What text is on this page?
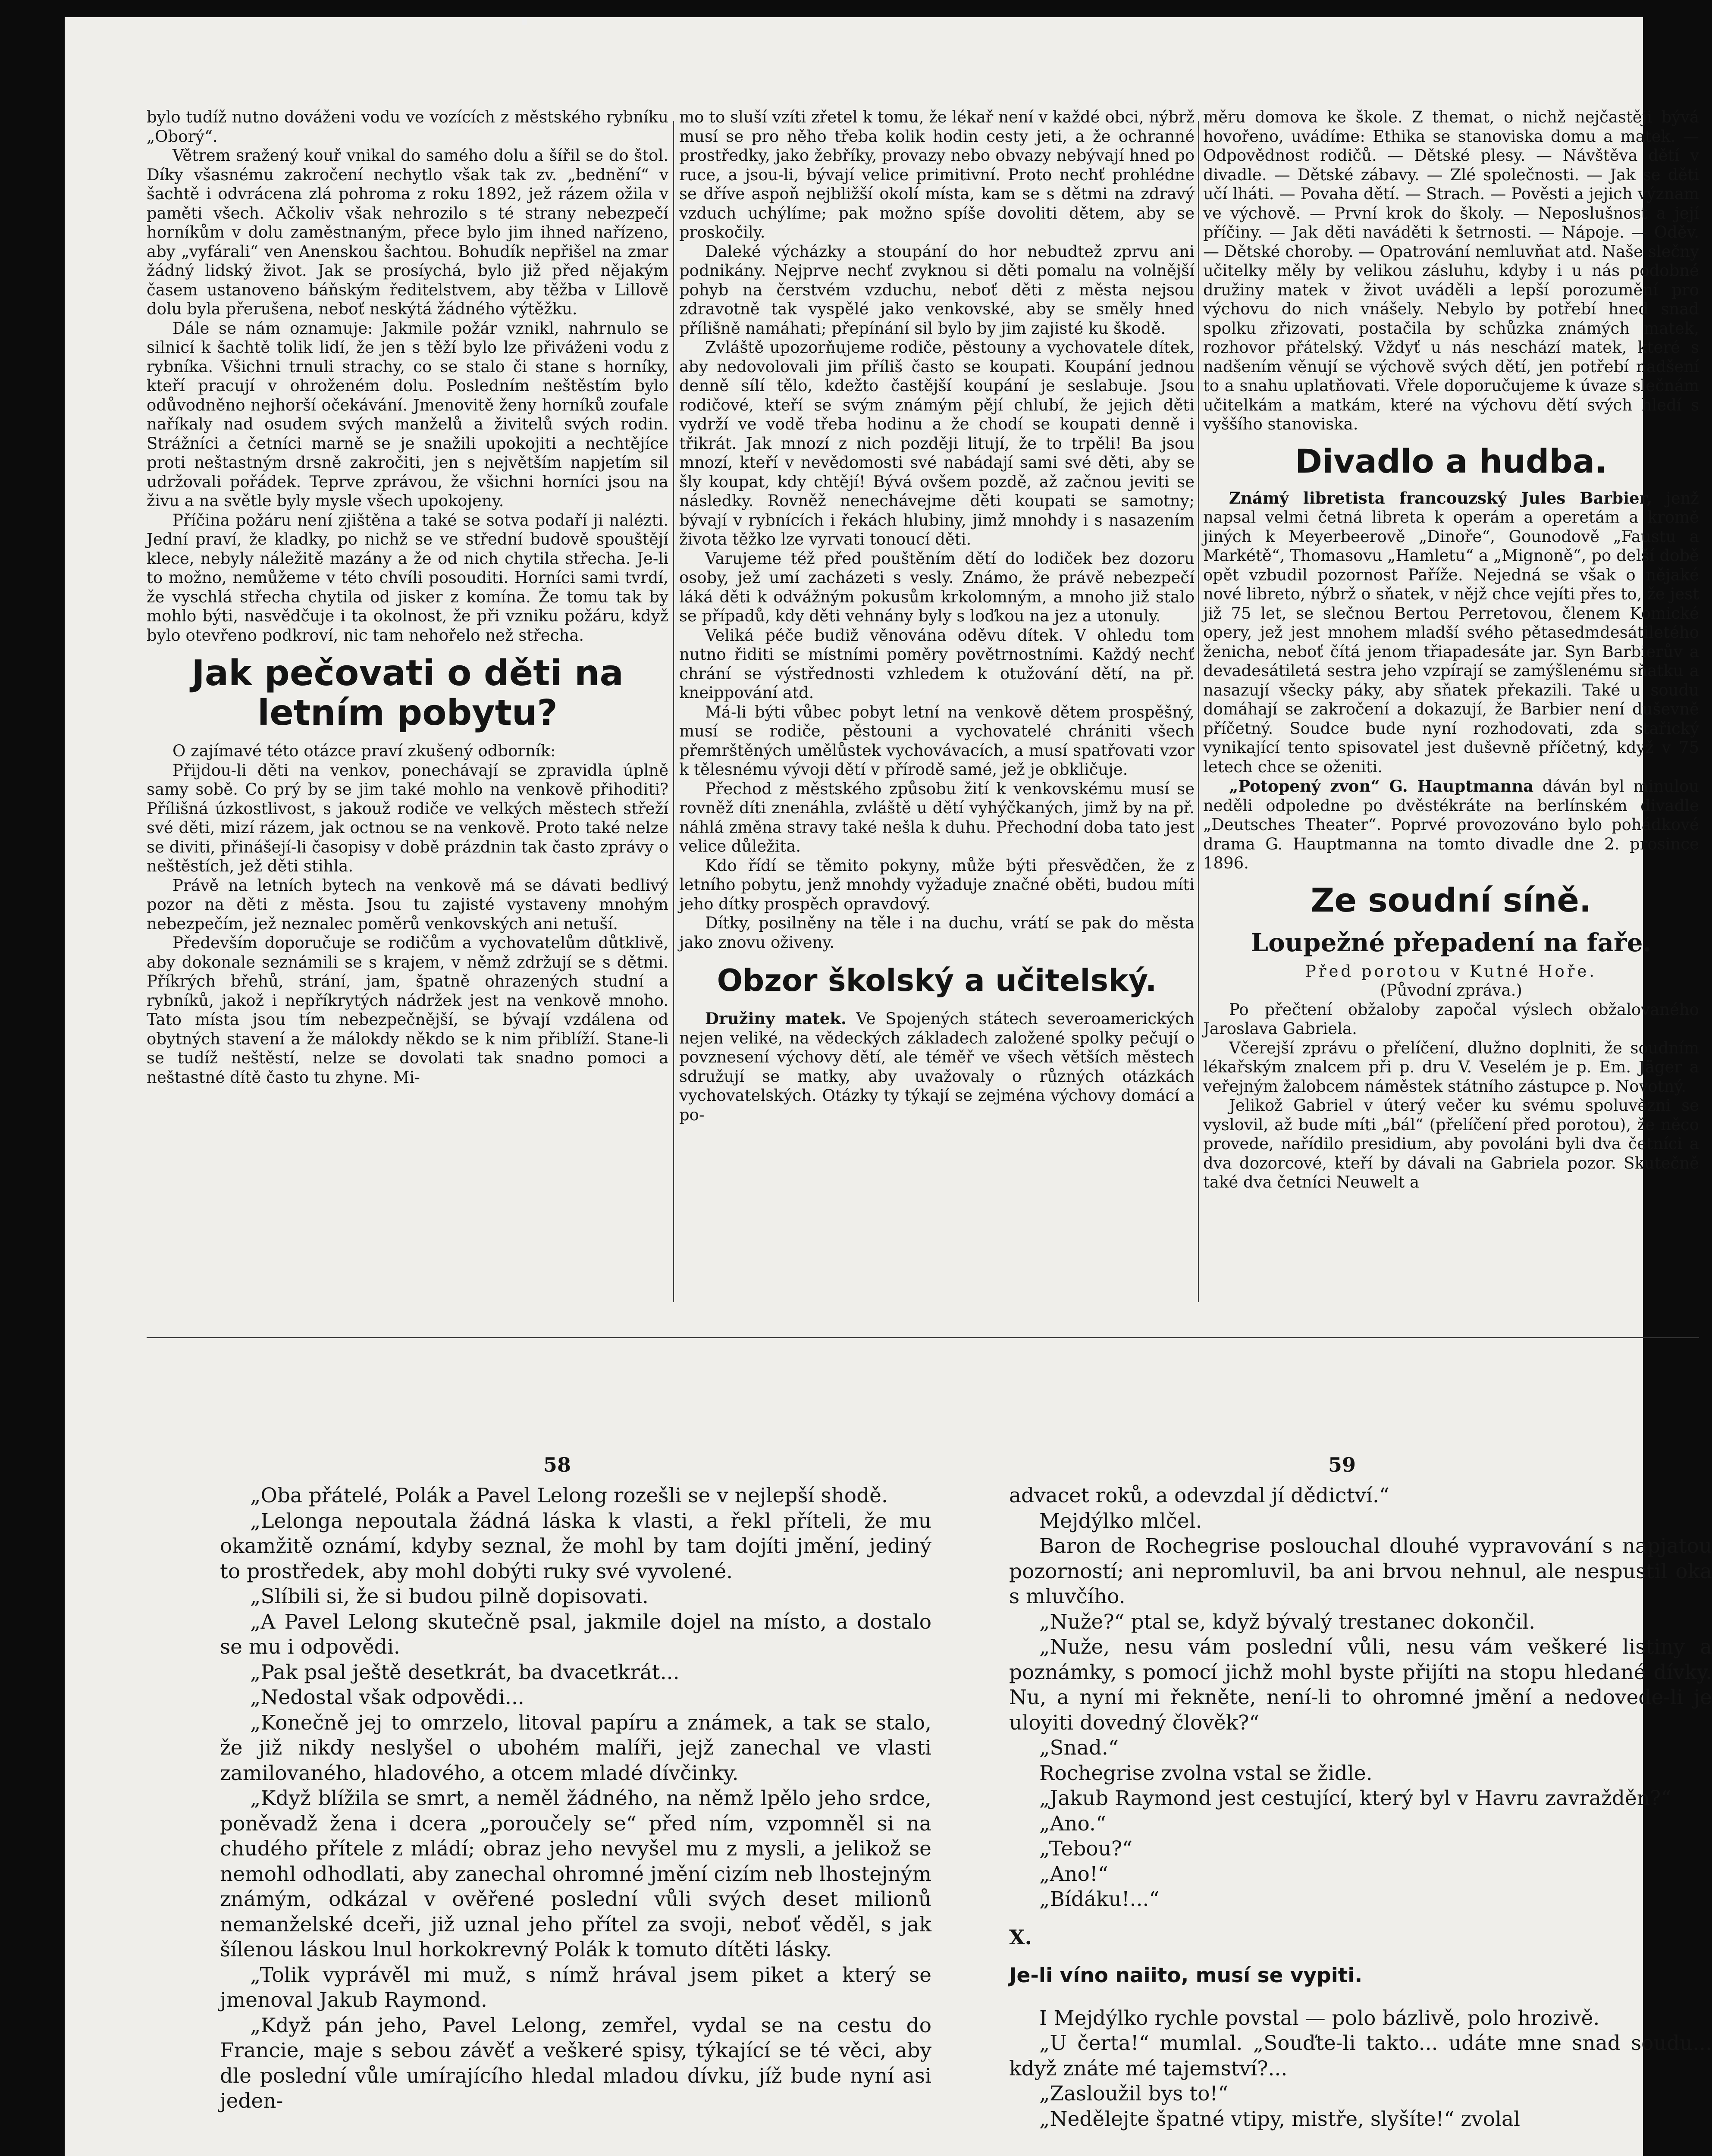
bylo tudíž nutno dováženi vodu ve vozících z městského rybníku „Oborý“.

Větrem sražený kouř vnikal do samého dolu a šířil se do štol. Díky všasnému zakročení nechytlo však tak zv. „bednění“ v šachtě i odvrácena zlá pohroma z roku 1892, jež rázem ožila v paměti všech. Ačkoliv však nehrozilo s té strany nebezpečí horníkům v dolu zaměstnaným, přece bylo jim ihned nařízeno, aby „vyfárali“ ven Anenskou šachtou. Bohudík nepřišel na zmar žádný lidský život. Jak se prosíychá, bylo již před nějakým časem ustanoveno báňským ředitelstvem, aby těžba v Lillově dolu byla přerušena, neboť neskýtá žádného výtěžku.

Dále se nám oznamuje: Jakmile požár vznikl, nahrnulo se silnicí k šachtě tolik lidí, že jen s těží bylo lze přiváženi vodu z rybníka. Všichni trnuli strachy, co se stalo či stane s horníky, kteří pracují v ohroženém dolu. Posledním neštěstím bylo odůvodněno nejhorší očekávání. Jmenovitě ženy horníků zoufale naříkaly nad osudem svých manželů a živitelů svých rodin. Strážníci a četníci marně se je snažili upokojiti a nechtějíce proti neštastným drsně zakročiti, jen s největším napjetím sil udržovali pořádek. Teprve zprávou, že všichni horníci jsou na živu a na světle byly mysle všech upokojeny.

Příčina požáru není zjištěna a také se sotva podaří ji nalézti. Jední praví, že kladky, po nichž se ve střední budově spouštějí klece, nebyly náležitě mazány a že od nich chytila střecha. Je-li to možno, nemůžeme v této chvíli posouditi. Horníci sami tvrdí, že vyschlá střecha chytila od jisker z komína. Že tomu tak by mohlo býti, nasvědčuje i ta okolnost, že při vzniku požáru, když bylo otevřeno podkroví, nic tam nehořelo než střecha.

Jak pečovati o děti na letním pobytu?

O zajímavé této otázce praví zkušený odborník:

Přijdou-li děti na venkov, ponechávají se zpravidla úplně samy sobě. Co prý by se jim také mohlo na venkově přihoditi? Přílišná úzkostlivost, s jakouž rodiče ve velkých městech střeží své děti, mizí rázem, jak octnou se na venkově. Proto také nelze se diviti, přinášejí-li časopisy v době prázdnin tak často zprávy o neštěstích, jež děti stihla.

Právě na letních bytech na venkově má se dávati bedlivý pozor na děti z města. Jsou tu zajisté vystaveny mnohým nebezpečím, jež neznalec poměrů venkovských ani netuší.

Především doporučuje se rodičům a vychovatelům důtklivě, aby dokonale seznámili se s krajem, v němž zdržují se s dětmi. Příkrých břehů, strání, jam, špatně ohrazených studní a rybníků, jakož i nepříkrytých nádržek jest na venkově mnoho. Tato místa jsou tím nebezpečnější, se bývají vzdálena od obytných stavení a že málokdy někdo se k nim přiblíží. Stane-li se tudíž neštěstí, nelze se dovolati tak snadno pomoci a neštastné dítě často tu zhyne. Mi-

mo to sluší vzíti zřetel k tomu, že lékař není v každé obci, nýbrž musí se pro něho třeba kolik hodin cesty jeti, a že ochranné prostředky, jako žebříky, provazy nebo obvazy nebývají hned po ruce, a jsou-li, bývají velice primitivní. Proto nechť prohlédne se dříve aspoň nejbližší okolí místa, kam se s dětmi na zdravý vzduch uchýlíme; pak možno spíše dovoliti dětem, aby se proskočily.

Daleké výcházky a stoupání do hor nebudtež zprvu ani podnikány. Nejprve nechť zvyknou si děti pomalu na volnější pohyb na čerstvém vzduchu, neboť děti z města nejsou zdravotně tak vyspělé jako venkovské, aby se směly hned přílišně namáhati; přepínání sil bylo by jim zajisté ku škodě.

Zvláště upozorňujeme rodiče, pěstouny a vychovatele dítek, aby nedovolovali jim příliš často se koupati. Koupání jednou denně sílí tělo, kdežto častější koupání je seslabuje. Jsou rodičové, kteří se svým známým pějí chlubí, že jejich děti vydrží ve vodě třeba hodinu a že chodí se koupati denně i třikrát. Jak mnozí z nich později litují, že to trpěli! Ba jsou mnozí, kteří v nevědomosti své nabádají sami své děti, aby se šly koupat, kdy chtějí! Bývá ovšem pozdě, až začnou jeviti se následky. Rovněž nenechávejme děti koupati se samotny; bývají v rybnících i řekách hlubiny, jimž mnohdy i s nasazením života těžko lze vyrvati tonoucí děti.

Varujeme též před pouštěním dětí do lodiček bez dozoru osoby, jež umí zacházeti s vesly. Známo, že právě nebezpečí láká děti k odvážným pokusům krkolomným, a mnoho již stalo se případů, kdy děti vehnány byly s loďkou na jez a utonuly.

Veliká péče budiž věnována oděvu dítek. V ohledu tom nutno řiditi se místními poměry povětrnostními. Každý nechť chrání se výstřednosti vzhledem k otužování dětí, na př. kneippování atd.

Má-li býti vůbec pobyt letní na venkově dětem prospěšný, musí se rodiče, pěstouni a vychovatelé chrániti všech přemrštěných umělůstek vychovávacích, a musí spatřovati vzor k tělesnému vývoji dětí v přírodě samé, jež je obkličuje.

Přechod z městského způsobu žití k venkovskému musí se rovněž díti znenáhla, zvláště u dětí vyhýčkaných, jimž by na př. náhlá změna stravy také nešla k duhu. Přechodní doba tato jest velice důležita.

Kdo řídí se těmito pokyny, může býti přesvědčen, že z letního pobytu, jenž mnohdy vyžaduje značné oběti, budou míti jeho dítky prospěch opravdový.

Dítky, posilněny na těle i na duchu, vrátí se pak do města jako znovu oživeny.

Obzor školský a učitelský.

Družiny matek. Ve Spojených státech severoamerických nejen veliké, na vědeckých základech založené spolky pečují o povznesení výchovy dětí, ale téměř ve všech větších městech sdružují se matky, aby uvažovaly o různých otázkách vychovatelských. Otázky ty týkají se zejména výchovy domácí a po-

měru domova ke škole. Z themat, o nichž nejčastěji bývá hovořeno, uvádíme: Ethika se stanoviska domu a matek. — Odpovědnost rodičů. — Dětské plesy. — Návštěva dětí v divadle. — Dětské zábavy. — Zlé společnosti. — Jak se děti učí lháti. — Povaha dětí. — Strach. — Pověsti a jejich význam ve výchově. — První krok do školy. — Neposlušnost a její příčiny. — Jak děti naváděti k šetrnosti. — Nápoje. — Oděv. — Dětské choroby. — Opatrování nemluvňat atd. Naše slečny učitelky měly by velikou zásluhu, kdyby i u nás podobné družiny matek v život uváděli a lepší porozumění pro výchovu do nich vnášely. Nebylo by potřebí hned snad spolku zřizovati, postačila by schůzka známých matek, rozhovor přátelský. Vždyť u nás neschází matek, které s nadšením věnují se výchově svých dětí, jen potřebí nadšení to a snahu uplatňovati. Vřele doporučujeme k úvaze slečnám učitelkám a matkám, které na výchovu dětí svých hledí s vyššího stanoviska.

Divadlo a hudba.

Známý libretista francouzský Jules Barbier, jenž napsal velmi četná libreta k operám a operetám a kromě jiných k Meyerbeerově „Dinoře“, Gounodově „Faustu a Markétě“, Thomasovu „Hamletu“ a „Mignoně“, po delší době opět vzbudil pozornost Paříže. Nejedná se však o nějaké nové libreto, nýbrž o sňatek, v nějž chce vejíti přes to, že jest již 75 let, se slečnou Bertou Perretovou, členem Komické opery, jež jest mnohem mladší svého pětasedmdesátiletého ženicha, neboť čítá jenom třiapadesáte jar. Syn Barbierův a devadesátiletá sestra jeho vzpírají se zamýšlenému sňatku a nasazují všecky páky, aby sňatek překazili. Také u soudu domáhají se zakročení a dokazují, že Barbier není duševně příčetný. Soudce bude nyní rozhodovati, zda stařický vynikající tento spisovatel jest duševně příčetný, když v 75 letech chce se oženiti.

„Potopený zvon“ G. Hauptmanna dáván byl minulou neděli odpoledne po dvěstékráte na berlínském divadle „Deutsches Theater“. Poprvé provozováno bylo pohádkové drama G. Hauptmanna na tomto divadle dne 2. prosince 1896.

Ze soudní síně.
Loupežné přepadení na faře.
Před porotou v Kutné Hoře.
(Původní zpráva.)

Po přečtení obžaloby započal výslech obžalovaného Jaroslava Gabriela.

Včerejší zprávu o přelíčení, dlužno doplniti, že soudním lékařským znalcem při p. dru V. Veselém je p. Em. Jäger a veřejným žalobcem náměstek státního zástupce p. Novotný.

Jelikož Gabriel v úterý večer ku svému spoluvězni se vyslovil, až bude míti „bál“ (přelíčení před porotou), že něco provede, nařídilo presidium, aby povoláni byli dva četníci a dva dozorcové, kteří by dávali na Gabriela pozor. Skutečně také dva četníci Neuwelt a

58	59

„Oba přátelé, Polák a Pavel Lelong rozešli se v nejlepší shodě.

„Lelonga nepoutala žádná láska k vlasti, a řekl příteli, že mu okamžitě oznámí, kdyby seznal, že mohl by tam dojíti jmění, jediný to prostředek, aby mohl dobýti ruky své vyvolené.

„Slíbili si, že si budou pilně dopisovati.

„A Pavel Lelong skutečně psal, jakmile dojel na místo, a dostalo se mu i odpovědi.

„Pak psal ještě desetkrát, ba dvacetkrát...

„Nedostal však odpovědi...

„Konečně jej to omrzelo, litoval papíru a známek, a tak se stalo, že již nikdy neslyšel o ubohém malíři, jejž zanechal ve vlasti zamilovaného, hladového, a otcem mladé dívčinky.

„Když blížila se smrt, a neměl žádného, na němž lpělo jeho srdce, poněvadž žena i dcera „poroučely se“ před ním, vzpomněl si na chudého přítele z mládí; obraz jeho nevyšel mu z mysli, a jelikož se nemohl odhodlati, aby zanechal ohromné jmění cizím neb lhostejným známým, odkázal v ověřené poslední vůli svých deset milionů nemanželské dceři, již uznal jeho přítel za svoji, neboť věděl, s jak šílenou láskou lnul horkokrevný Polák k tomuto dítěti lásky.

„Tolik vyprávěl mi muž, s nímž hrával jsem piket a který se jmenoval Jakub Raymond.

„Když pán jeho, Pavel Lelong, zemřel, vydal se na cestu do Francie, maje s sebou závěť a veškeré spisy, týkající se té věci, aby dle poslední vůle umírajícího hledal mladou dívku, jíž bude nyní asi jeden-

advacet roků, a odevzdal jí dědictví.“

Mejdýlko mlčel.

Baron de Rochegrise poslouchal dlouhé vypravování s napjatou pozorností; ani nepromluvil, ba ani brvou nehnul, ale nespustil oka s mluvčího.

„Nuže?“ ptal se, když bývalý trestanec dokončil.

„Nuže, nesu vám poslední vůli, nesu vám veškeré listiny a poznámky, s pomocí jichž mohl byste přijíti na stopu hledané dívky. Nu, a nyní mi řekněte, není-li to ohromné jmění a nedovede-li je uloyiti dovedný člověk?“

„Snad.“

Rochegrise zvolna vstal se židle.

„Jakub Raymond jest cestující, který byl v Havru zavražděn?“

„Ano.“

„Tebou?“

„Ano!“

„Bídáku!...“

X.

Je-li víno naiito, musí se vypiti.

I Mejdýlko rychle povstal — polo bázlivě, polo hrozivě.

„U čerta!“ mumlal. „Souďte-li takto... udáte mne snad soudu... když znáte mé tajemství?...

„Zasloužil bys to!“

„Nedělejte špatné vtipy, mistře, slyšíte!“ zvolal
